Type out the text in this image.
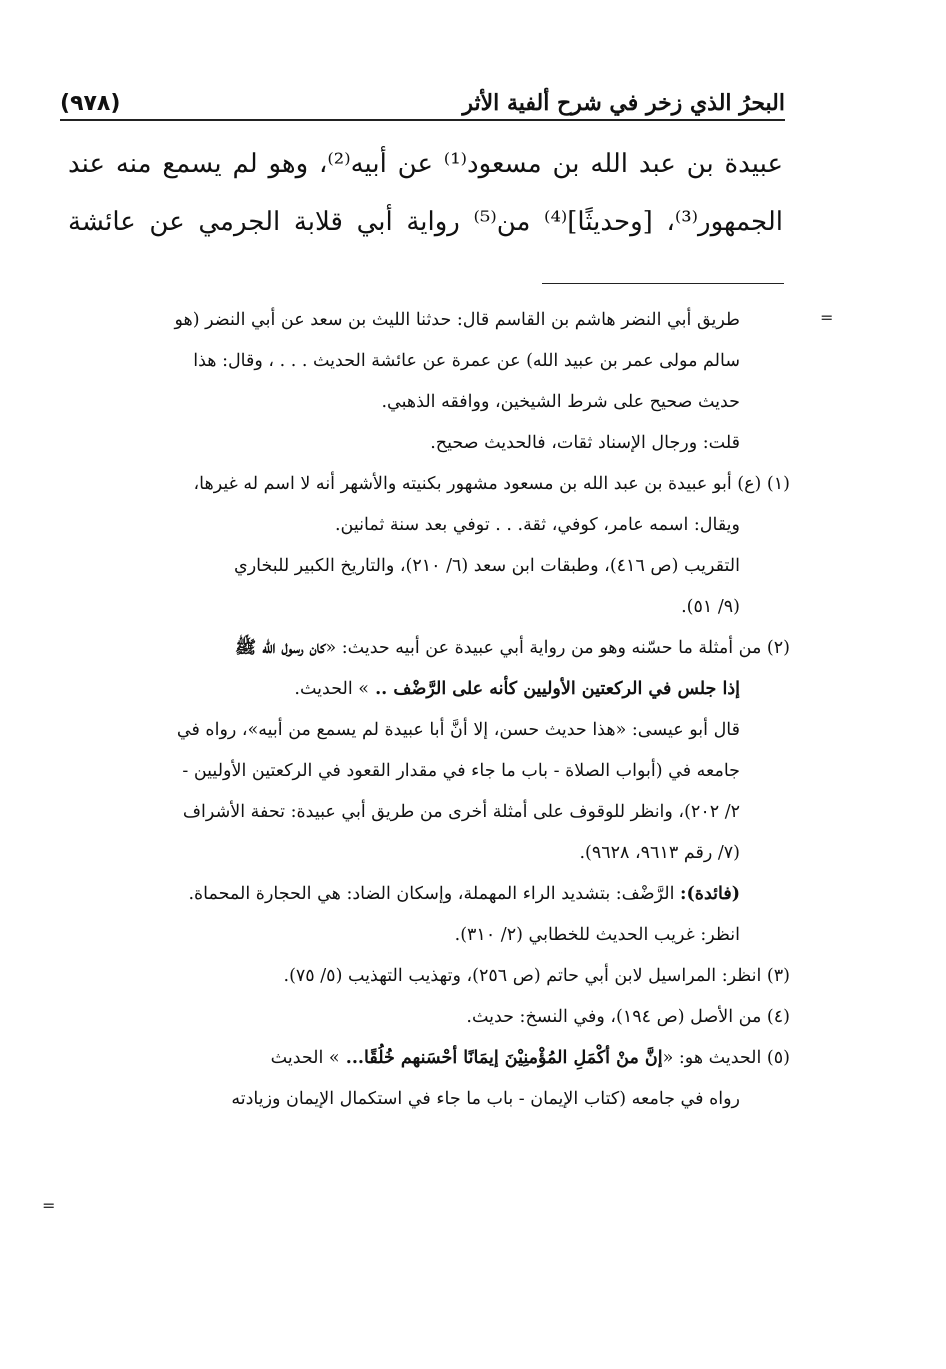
البحرُ الذي زخر في شرح ألفية الأثر
(٩٧٨)

عبيدة بن عبد الله بن مسعود⁽¹⁾ عن أبيه⁽²⁾، وهو لم يسمع منه عند

الجمهور⁽³⁾، [وحديثًا]⁽⁴⁾ من⁽⁵⁾ رواية أبي قلابة الجرمي عن عائشة

=

طريق أبي النضر هاشم بن القاسم قال: حدثنا الليث بن سعد عن أبي النضر (هو

سالم مولى عمر بن عبيد الله) عن عمرة عن عائشة الحديث . . . ، وقال: هذا

حديث صحيح على شرط الشيخين، ووافقه الذهبي.

قلت: ورجال الإسناد ثقات، فالحديث صحيح.

(١) (ع) أبو عبيدة بن عبد الله بن مسعود مشهور بكنيته والأشهر أنه لا اسم له غيرها،

ويقال: اسمه عامر، كوفي، ثقة. . . توفي بعد سنة ثمانين.

التقريب (ص ٤١٦)، وطبقات ابن سعد (٦/ ٢١٠)، والتاريخ الكبير للبخاري

(٩/ ٥١).

(٢) من أمثلة ما حسّنه وهو من رواية أبي عبيدة عن أبيه حديث: «كان رسول الله ﷺ

إذا جلس في الركعتين الأوليين كأنه على الرَّضْف .. » الحديث.

قال أبو عيسى: «هذا حديث حسن، إلا أنَّ أبا عبيدة لم يسمع من أبيه»، رواه في

جامعه في (أبواب الصلاة - باب ما جاء في مقدار القعود في الركعتين الأوليين -

٢/ ٢٠٢)، وانظر للوقوف على أمثلة أخرى من طريق أبي عبيدة: تحفة الأشراف

(٧/ رقم ٩٦١٣، ٩٦٢٨).

(فائدة): الرَّضْف: بتشديد الراء المهملة، وإسكان الضاد: هي الحجارة المحماة.

انظر: غريب الحديث للخطابي (٢/ ٣١٠).

(٣) انظر: المراسيل لابن أبي حاتم (ص ٢٥٦)، وتهذيب التهذيب (٥/ ٧٥).

(٤) من الأصل (ص ١٩٤)، وفي النسخ: حديث.

(٥) الحديث هو: «إنَّ منْ أكْمَلِ المُؤْمنِيْنَ إيمَانًا أحْسَنهم خُلُقًا... » الحديث

رواه في جامعه (كتاب الإيمان - باب ما جاء في استكمال الإيمان وزيادته

=
